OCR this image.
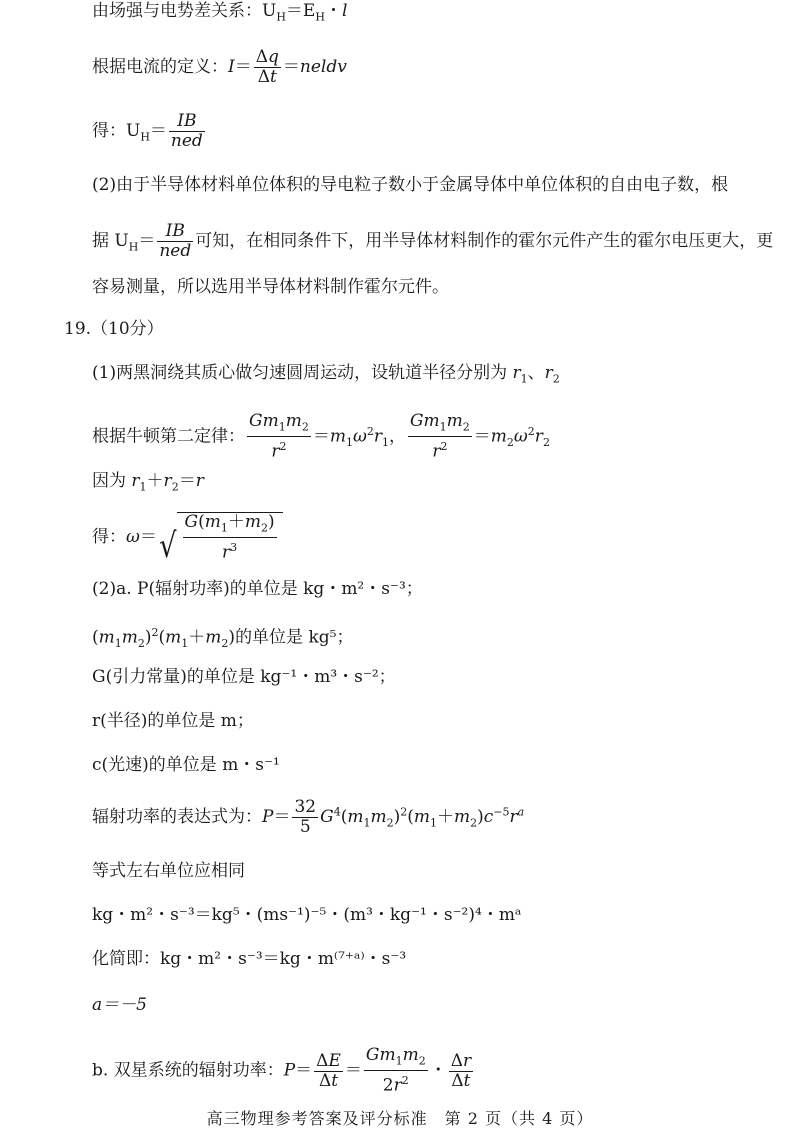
由场强与电势差关系：$U_H=E_H$・l
根据电流的定义：$I= \frac{\Delta q}{\Delta t}$ ＝neldv
得：$U_H= \frac{IB}{\text{ned}}$
(2)由于半导体材料单位体积的导电粒子数小于金属导体中单位体积的自由电子数，根
据 $U_H= \frac{IB}{\text{ned}}$ 可知，在相同条件下，用半导体材料制作的霍尔元件产生的霍尔电压更大，更
容易测量，所以选用半导体材料制作霍尔元件。
19.（10分）
(1)两黑洞绕其质心做匀速圆周运动，设轨道半径分别为 $r_1$、$r_2$
根据牛顿第二定律： $\frac{Gm_1m_2}{r^2} =m_1\omega^2r_1$， $\frac{Gm_1m_2}{r^2} =m_2\omega^2r_2$
因为 $r_1+r_2=r$
得：ω＝ √ $\frac{G(m_1+m_2)}{r^3}$
(2)a. P(辐射功率)的单位是 kg・m²・s⁻³；
$(m_1m_2)^2(m_1+m_2)$的单位是 kg⁵；
G(引力常量)的单位是 kg⁻¹・m³・s⁻²；
r(半径)的单位是 m；
c(光速)的单位是 m・s⁻¹
辐射功率的表达式为：$P= \frac{32}{5} G^4(m_1m_2)^2(m_1+m_2)c^{-5}r^a$
等式左右单位应相同
kg・m²・s⁻³＝kg⁵・(ms⁻¹)⁻⁵・(m³・kg⁻¹・s⁻²)⁴・mᵃ
化简即：kg・m²・s⁻³＝kg・m⁽⁷⁺ᵃ⁾・s⁻³
a＝－5
b. 双星系统的辐射功率：$P= \frac{\Delta E}{\Delta t} = \frac{Gm_1m_2}{2r^2}$ ・ $\frac{\Delta r}{\Delta t}$
高三物理参考答案及评分标准　第 2 页（共 4 页）
